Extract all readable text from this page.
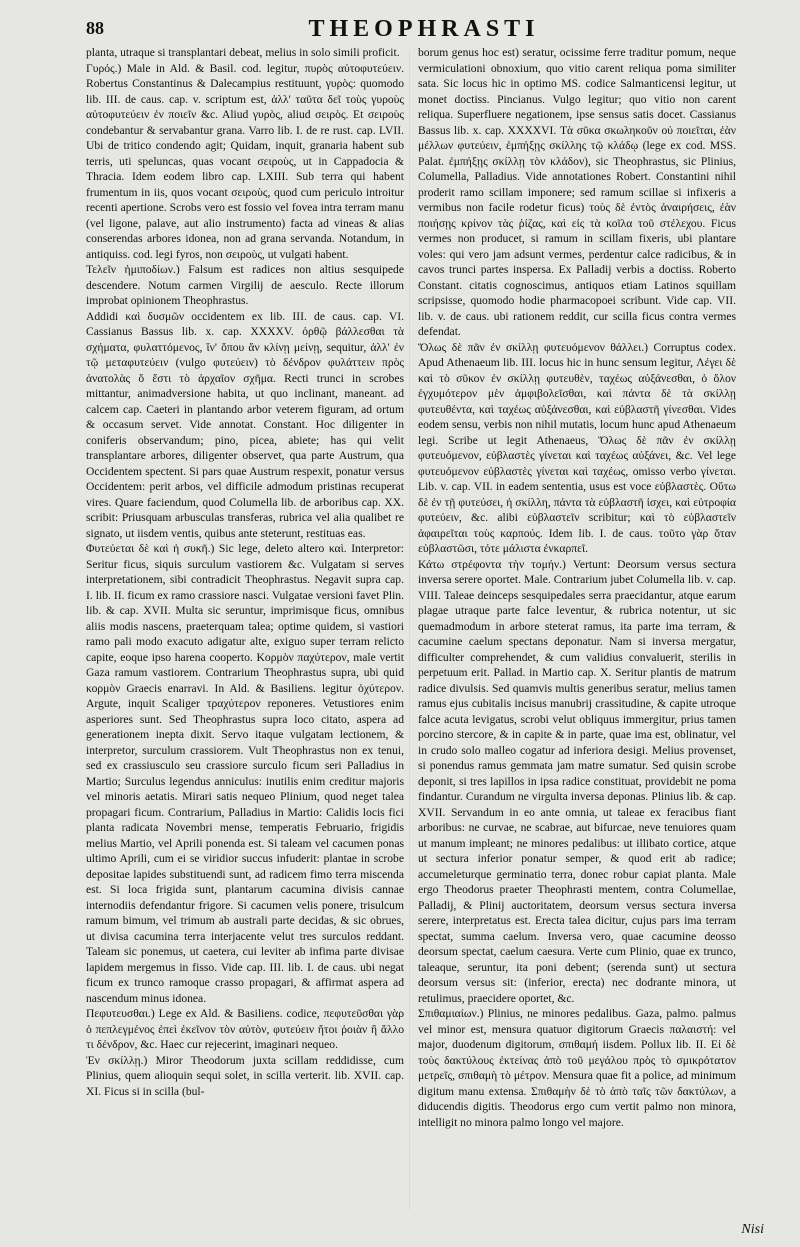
88	THEOPHRASTI

planta, utraque si transplantari debeat, melius in solo simili proficit.

Γυρός.) Male in Ald. & Basil. cod. legitur, πυρὸς αὐτοφυτεύειν. Robertus Constantinus & Dalecampius restituunt, γυρὸς: quomodo lib. III. de caus. cap. v. scriptum est, ἀλλ' ταῦτα δεῖ τοὺς γυροὺς αὐτοφυτεύειν ἐν ποιεῖν &c. Aliud γυρὸς, aliud σειρὸς. Et σειροὺς condebantur & servabantur grana. Varro lib. I. de re rust. cap. LVII. Ubi de tritico condendo agit; Quidam, inquit, granaria habent sub terris, uti speluncas, quas vocant σειροὺς, ut in Cappadocia & Thracia. Idem eodem libro cap. LXIII. Sub terra qui habent frumentum in iis, quos vocant σειροὺς, quod cum periculo introitur recenti apertione. Scrobs vero est fossio vel fovea intra terram manu (vel ligone, palave, aut alio instrumento) facta ad vineas & alias conserendas arbores idonea, non ad grana servanda. Notandum, in antiquiss. cod. legi fyros, non σειροὺς, ut vulgati habent.

Τελεῖν ἡμιποδίων.) Falsum est radices non altius sesquipede descendere. Notum carmen Virgilij de aesculo. Recte illorum improbat opinionem Theophrastus.

Addidi καὶ δυσμῶν occidentem ex lib. III. de caus. cap. VI. Cassianus Bassus lib. x. cap. XXXXV. ὀρθῷ βάλλεσθαι τὰ σχήματα, φυλαττόμενος, ἵν' ὅπου ἄν κλίνῃ μείνῃ, sequitur, ἀλλ' ἐν τῷ μεταφυτεύειν (vulgo φυτεύειν) τὸ δένδρον φυλάττειν πρὸς ἀνατολὰς ὅ ἔστι τὸ ἀρχαῖον σχῆμα. Recti trunci in scrobes mittantur, animadversione habita, ut quo inclinant, maneant. ad calcem cap. Caeteri in plantando arbor veterem figuram, ad ortum & occasum servet. Vide annotat. Constant. Hoc diligenter in coniferis observandum; pino, picea, abiete; has qui velit transplantare arbores, diligenter observet, qua parte Austrum, qua Occidentem spectent. Si pars quae Austrum respexit, ponatur versus Occidentem: perit arbos, vel difficile admodum pristinas recuperat vires. Quare faciendum, quod Columella lib. de arboribus cap. XX. scribit: Priusquam arbusculas transferas, rubrica vel alia qualibet re signato, ut iisdem ventis, quibus ante steterunt, restituas eas.

Φυτεύεται δὲ καὶ ἡ συκῆ.) Sic lege, deleto altero καὶ. Interpretor: Seritur ficus, siquis surculum vastiorem &c. Vulgatam si serves interpretationem, sibi contradicit Theophrastus. Negavit supra cap. I. lib. II. ficum ex ramo crassiore nasci. Vulgatae versioni favet Plin. lib. & cap. XVII. Multa sic seruntur, imprimisque ficus, omnibus aliis modis nascens, praeterquam talea; optime quidem, si vastiori ramo pali modo exacuto adigatur alte, exiguo super terram relicto capite, eoque ipso harena cooperto. Κορμὸν παχύτερον, male vertit Gaza ramum vastiorem. Contrarium Theophrastus supra, ubi quid κορμὸν Graecis enarravi. In Ald. & Basiliens. legitur ὀχύτερον. Argute, inquit Scaliger τραχύτερον reponeres. Vetustiores enim asperiores sunt. Sed Theophrastus supra loco citato, aspera ad generationem inepta dixit. Servo itaque vulgatam lectionem, & interpretor, surculum crassiorem. Vult Theophrastus non ex tenui, sed ex crassiusculo seu crassiore surculo ficum seri Palladius in Martio; Surculus legendus anniculus: inutilis enim creditur majoris vel minoris aetatis. Mirari satis nequeo Plinium, quod neget talea propagari ficum. Contrarium, Palladius in Martio: Calidis locis fici planta radicata Novembri mense, temperatis Februario, frigidis melius Martio, vel Aprili ponenda est. Si taleam vel cacumen ponas ultimo Aprili, cum ei se viridior succus infuderit: plantae in scrobe depositae lapides substituendi sunt, ad radicem fimo terra miscenda est. Si loca frigida sunt, plantarum cacumina divisis cannae internodiis defendantur frigore. Si cacumen velis ponere, trisulcum ramum bimum, vel trimum ab australi parte decidas, & sic obrues, ut divisa cacumina terra interjacente velut tres surculos reddant. Taleam sic ponemus, ut caetera, cui leviter ab infima parte divisae lapidem mergemus in fisso. Vide cap. III. lib. I. de caus. ubi negat ficum ex trunco ramoque crasso propagari, & affirmat aspera ad nascendum minus idonea.

Πεφυτευσθαι.) Lege ex Ald. & Basiliens. codice, πεφυτεῦσθαι γὰρ ὁ πεπλεγμένος ἐπεὶ ἐκεῖνον τὸν αὐτὸν, φυτεύειν ἤτοι ῥοιὰν ἢ ἄλλο τι δένδρον, &c. Haec cur rejecerint, imaginari nequeo.

Ἐν σκίλλῃ.) Miror Theodorum juxta scillam reddidisse, cum Plinius, quem alioquin sequi solet, in scilla verterit. lib. XVII. cap. XI. Ficus si in scilla (bul-

borum genus hoc est) seratur, ocissime ferre traditur pomum, neque vermiculationi obnoxium, quo vitio carent reliqua poma similiter sata. Sic locus hic in optimo MS. codice Salmanticensi legitur, ut monet doctiss. Pincianus. Vulgo legitur; quo vitio non carent reliqua. Superfluere negationem, ipse sensus satis docet. Cassianus Bassus lib. x. cap. XXXXVI. Τὰ σῦκα σκωληκοῦν οὐ ποιεῖται, ἐὰν μέλλων φυτεύειν, ἐμπήξῃς σκίλλης τῷ κλάδῳ (lege ex cod. MSS. Palat. ἐμπήξῃς σκίλλῃ τὸν κλάδον), sic Theophrastus, sic Plinius, Columella, Palladius. Vide annotationes Robert. Constantini nihil proderit ramo scillam imponere; sed ramum scillae si infixeris a vermibus non facile rodetur ficus) τοὺς δὲ ἐντὸς ἀναιρήσεις, ἐὰν ποιήσῃς κρίνον τὰς ῥίζας, καὶ εἰς τὰ κοῖλα τοῦ στέλεχου. Ficus vermes non producet, si ramum in scillam fixeris, ubi plantare voles: qui vero jam adsunt vermes, perdentur calce radicibus, & in cavos trunci partes inspersa. Ex Palladij verbis a doctiss. Roberto Constant. citatis cognoscimus, antiquos etiam Latinos squillam scripsisse, quomodo hodie pharmacopoei scribunt. Vide cap. VII. lib. v. de caus. ubi rationem reddit, cur scilla ficus contra vermes defendat.

Ὅλως δὲ πᾶν ἐν σκίλλῃ φυτευόμενον θάλλει.) Corruptus codex. Apud Athenaeum lib. III. locus hic in hunc sensum legitur, Λέγει δὲ καὶ τὸ σῦκον ἐν σκίλλῃ φυτευθὲν, ταχέως αὐξάνεσθαι, ὁ ὅλον ἐγχυμότερον μὲν ἀμφιβολεῖσθαι, καὶ πάντα δὲ τὰ σκίλλῃ φυτευθέντα, καὶ ταχέως αὐξάνεσθαι, καὶ εὐβλαστῆ γίνεσθαι. Vides eodem sensu, verbis non nihil mutatis, locum hunc apud Athenaeum legi. Scribe ut legit Athenaeus, Ὅλως δὲ πᾶν ἐν σκίλλῃ φυτευόμενον, εὐβλαστὲς γίνεται καὶ ταχέως αὐξάνει, &c. Vel lege φυτευόμενον εὐβλαστὲς γίνεται καὶ ταχέως, omisso verbo γίνεται. Lib. v. cap. VII. in eadem sententia, usus est voce εὐβλαστὲς. Οὕτω δὲ ἐν τῇ φυτεύσει, ἡ σκίλλη, πάντα τὰ εὐβλαστῆ ἰσχει, καὶ εὐτροφία φυτεύειν, &c. alibi εὐβλαστεῖν scribitur; καὶ τὸ εὐβλαστεῖν ἀφαιρεῖται τοὺς καρπούς. Idem lib. I. de caus. τοῦτο γὰρ ὅταν εὐβλαστῶσι, τότε μάλιστα ἐνκαρπεῖ.

Κάτω στρέφοντα τὴν τομήν.) Vertunt: Deorsum versus sectura inversa serere oportet. Male. Contrarium jubet Columella lib. v. cap. VIII. Taleae deinceps sesquipedales serra praecidantur, atque earum plagae utraque parte falce leventur, & rubrica notentur, ut sic quemadmodum in arbore steterat ramus, ita parte ima terram, & cacumine caelum spectans deponatur. Nam si inversa mergatur, difficulter comprehendet, & cum validius convaluerit, sterilis in perpetuum erit. Pallad. in Martio cap. X. Seritur plantis de matrum radice divulsis. Sed quamvis multis generibus seratur, melius tamen ramus ejus cubitalis incisus manubrij crassitudine, & capite utroque falce acuta levigatus, scrobi velut obliquus immergitur, prius tamen porcino stercore, & in capite & in parte, quae ima est, oblinatur, vel in crudo solo malleo cogatur ad inferiora desigi. Melius provenset, si ponendus ramus gemmata jam matre sumatur. Sed quisin scrobe deponit, si tres lapillos in ipsa radice constituat, providebit ne poma findantur. Curandum ne virgulta inversa deponas. Plinius lib. & cap. XVII. Servandum in eo ante omnia, ut taleae ex feracibus fiant arboribus: ne curvae, ne scabrae, aut bifurcae, neve tenuiores quam ut manum impleant; ne minores pedalibus: ut illibato cortice, atque ut sectura inferior ponatur semper, & quod erit ab radice; accumeleturque germinatio terra, donec robur capiat planta. Male ergo Theodorus praeter Theophrasti mentem, contra Columellae, Palladij, & Plinij auctoritatem, deorsum versus sectura inversa serere, interpretatus est. Erecta talea dicitur, cujus pars ima terram spectat, summa caelum. Inversa vero, quae cacumine deosso deorsum spectat, caelum caesura. Verte cum Plinio, quae ex trunco, taleaque, seruntur, ita poni debent; (serenda sunt) ut sectura deorsum versus sit: (inferior, erecta) nec dodrante minora, ut retulimus, praecidere oportet, &c.

Σπιθαμιαίων.) Plinius, ne minores pedalibus. Gaza, palmo. palmus vel minor est, mensura quatuor digitorum Graecis παλαιστή: vel major, duodenum digitorum, σπιθαμή iisdem. Pollux lib. II. Εἰ δὲ τοὺς δακτύλους ἐκτείνας ἀπὸ τοῦ μεγάλου πρὸς τὸ σμικρότατον μετρεῖς, σπιθαμὴ τὸ μέτρον. Mensura quae fit a police, ad minimum digitum manu extensa. Σπιθαμὴν δὲ τὸ ἀπὸ ταῖς τῶν δακτύλων, a diducendis digitis. Theodorus ergo cum vertit palmo non minora, intelligit no minora palmo longo vel majore.

Nisi
